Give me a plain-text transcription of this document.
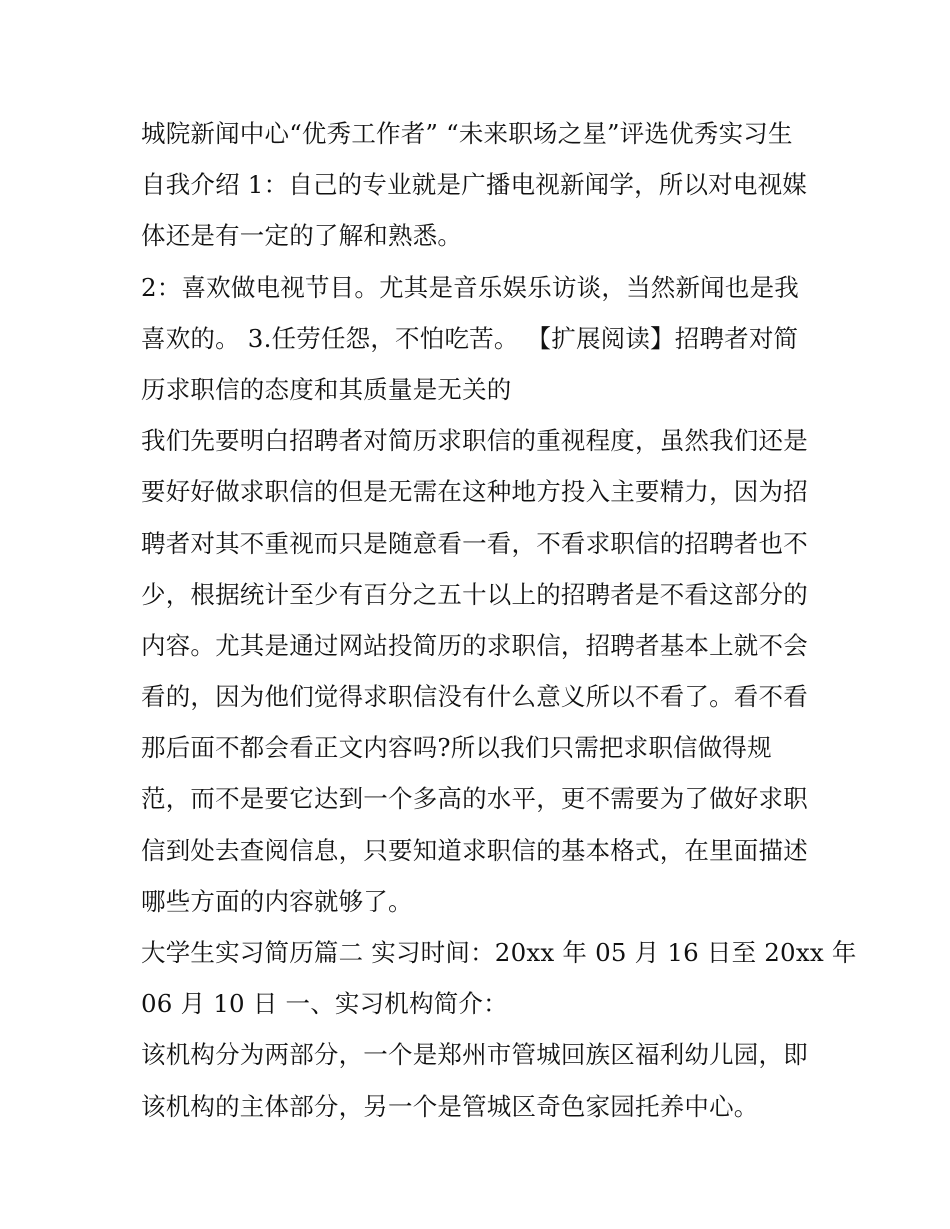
城院新闻中心“优秀工作者” “未来职场之星”评选优秀实习生
自我介绍 1：自己的专业就是广播电视新闻学，所以对电视媒
体还是有一定的了解和熟悉。
2：喜欢做电视节目。尤其是音乐娱乐访谈，当然新闻也是我
喜欢的。 3.任劳任怨，不怕吃苦。 【扩展阅读】招聘者对简
历求职信的态度和其质量是无关的
我们先要明白招聘者对简历求职信的重视程度，虽然我们还是
要好好做求职信的但是无需在这种地方投入主要精力，因为招
聘者对其不重视而只是随意看一看，不看求职信的招聘者也不
少，根据统计至少有百分之五十以上的招聘者是不看这部分的
内容。尤其是通过网站投简历的求职信，招聘者基本上就不会
看的，因为他们觉得求职信没有什么意义所以不看了。看不看
那后面不都会看正文内容吗?所以我们只需把求职信做得规
范，而不是要它达到一个多高的水平，更不需要为了做好求职
信到处去查阅信息，只要知道求职信的基本格式，在里面描述
哪些方面的内容就够了。
大学生实习简历篇二 实习时间：20xx 年 05 月 16 日至 20xx 年
06 月 10 日 一、实习机构简介：
该机构分为两部分，一个是郑州市管城回族区福利幼儿园，即
该机构的主体部分，另一个是管城区奇色家园托养中心。
